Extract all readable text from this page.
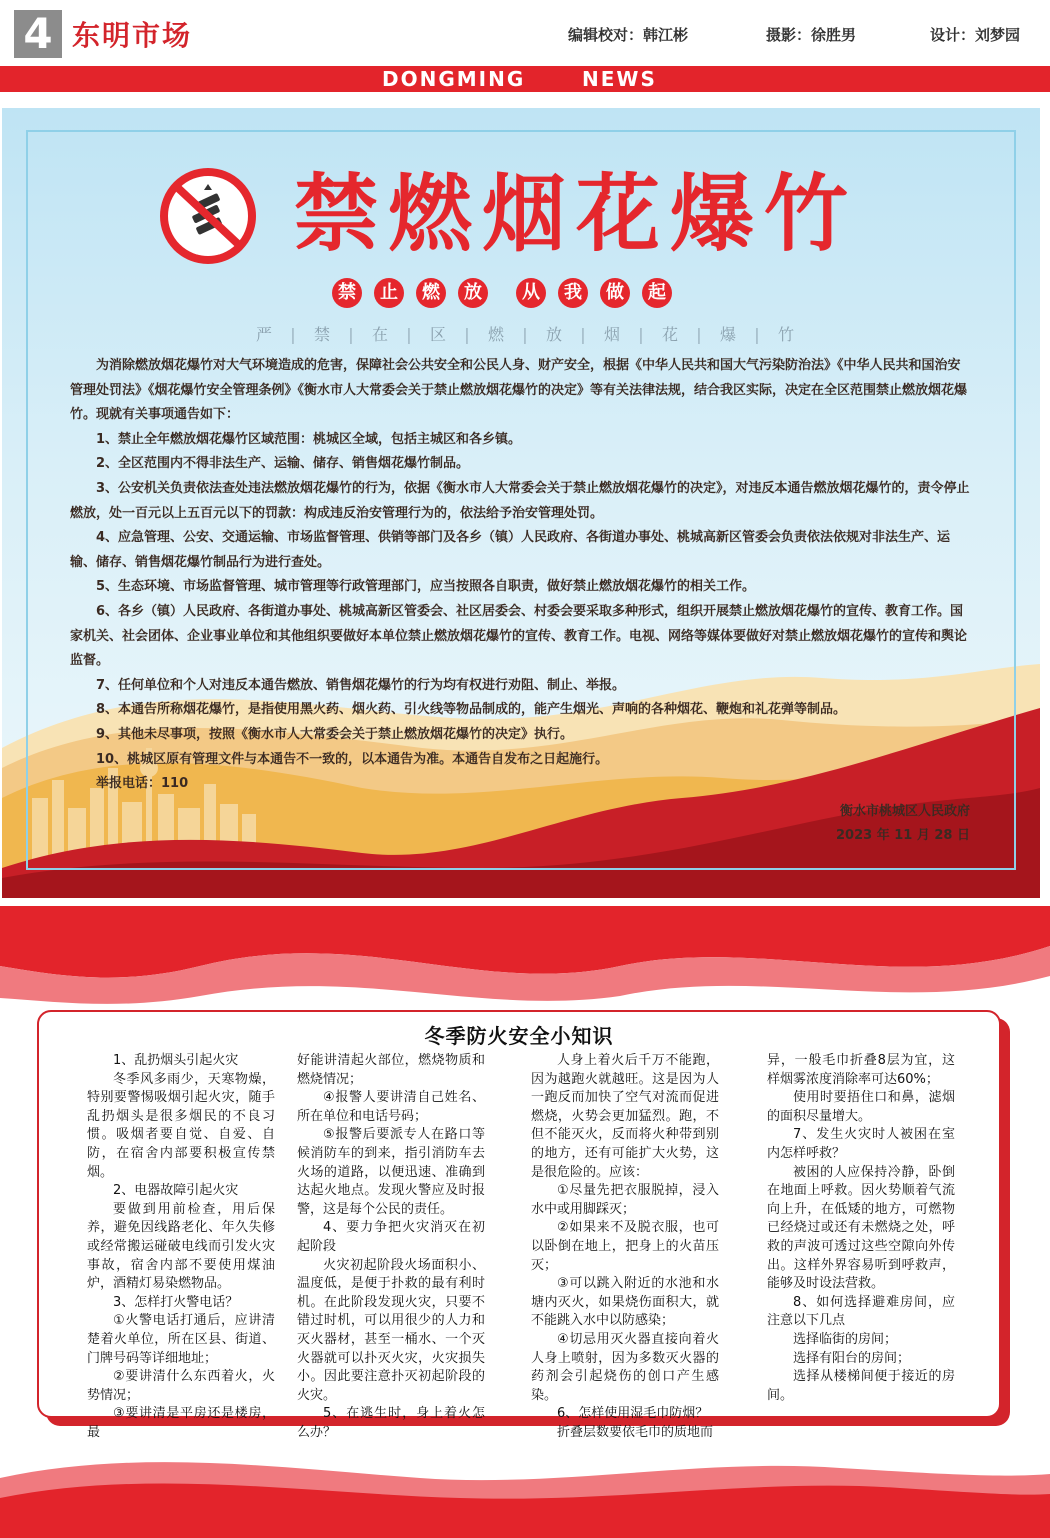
4 东明市场	编辑校对：韩江彬	摄影：徐胜男	设计：刘梦园
DONGMING	NEWS
禁燃烟花爆竹
禁	止	燃	放	从	我	做	起
严 | 禁 | 在 | 区 | 燃 | 放 | 烟 | 花 | 爆 | 竹

为消除燃放烟花爆竹对大气环境造成的危害，保障社会公共安全和公民人身、财产安全，根据《中华人民共和国大气污染防治法》《中华人民共和国治安管理处罚法》《烟花爆竹安全管理条例》《衡水市人大常委会关于禁止燃放烟花爆竹的决定》等有关法律法规，结合我区实际，决定在全区范围禁止燃放烟花爆竹。现就有关事项通告如下：

1、禁止全年燃放烟花爆竹区域范围：桃城区全域，包括主城区和各乡镇。

2、全区范围内不得非法生产、运输、储存、销售烟花爆竹制品。

3、公安机关负责依法查处违法燃放烟花爆竹的行为，依据《衡水市人大常委会关于禁止燃放烟花爆竹的决定》，对违反本通告燃放烟花爆竹的，责令停止燃放，处一百元以上五百元以下的罚款：构成违反治安管理行为的，依法给予治安管理处罚。

4、应急管理、公安、交通运输、市场监督管理、供销等部门及各乡（镇）人民政府、各街道办事处、桃城高新区管委会负责依法依规对非法生产、运输、储存、销售烟花爆竹制品行为进行查处。

5、生态环境、市场监督管理、城市管理等行政管理部门，应当按照各自职责，做好禁止燃放烟花爆竹的相关工作。

6、各乡（镇）人民政府、各街道办事处、桃城高新区管委会、社区居委会、村委会要采取多种形式，组织开展禁止燃放烟花爆竹的宣传、教育工作。国家机关、社会团体、企业事业单位和其他组织要做好本单位禁止燃放烟花爆竹的宣传、教育工作。电视、网络等媒体要做好对禁止燃放烟花爆竹的宣传和舆论监督。

7、任何单位和个人对违反本通告燃放、销售烟花爆竹的行为均有权进行劝阻、制止、举报。

8、本通告所称烟花爆竹，是指使用黑火药、烟火药、引火线等物品制成的，能产生烟光、声响的各种烟花、鞭炮和礼花弹等制品。

9、其他未尽事项，按照《衡水市人大常委会关于禁止燃放烟花爆竹的决定》执行。

10、桃城区原有管理文件与本通告不一致的，以本通告为准。本通告自发布之日起施行。

举报电话：110

衡水市桃城区人民政府
2023 年 11 月 28 日
冬季防火安全小知识

1、乱扔烟头引起火灾

冬季风多雨少，天寒物燥，特别要警惕吸烟引起火灾，随手乱扔烟头是很多烟民的不良习惯。吸烟者要自觉、自爱、自防，在宿舍内部要积极宣传禁烟。

2、电器故障引起火灾

要做到用前检查，用后保养，避免因线路老化、年久失修或经常搬运碰破电线而引发火灾事故，宿舍内部不要使用煤油炉，酒精灯易染燃物品。

3、怎样打火警电话？

①火警电话打通后，应讲清楚着火单位，所在区县、街道、门牌号码等详细地址；

②要讲清什么东西着火，火势情况；

③要讲清是平房还是楼房，最

好能讲清起火部位，燃烧物质和燃烧情况；

④报警人要讲清自己姓名、所在单位和电话号码；

⑤报警后要派专人在路口等候消防车的到来，指引消防车去火场的道路，以便迅速、准确到达起火地点。发现火警应及时报警，这是每个公民的责任。

4、要力争把火灾消灭在初起阶段

火灾初起阶段火场面积小、温度低，是便于扑救的最有利时机。在此阶段发现火灾，只要不错过时机，可以用很少的人力和灭火器材，甚至一桶水、一个灭火器就可以扑灭火灾，火灾损失小。因此要注意扑灭初起阶段的火灾。

5、在逃生时，身上着火怎么办？

人身上着火后千万不能跑，因为越跑火就越旺。这是因为人一跑反而加快了空气对流而促进燃烧，火势会更加猛烈。跑，不但不能灭火，反而将火种带到别的地方，还有可能扩大火势，这是很危险的。应该：

①尽量先把衣服脱掉，浸入水中或用脚踩灭；

②如果来不及脱衣服，也可以卧倒在地上，把身上的火苗压灭；

③可以跳入附近的水池和水塘内灭火，如果烧伤面积大，就不能跳入水中以防感染；

④切忌用灭火器直接向着火人身上喷射，因为多数灭火器的药剂会引起烧伤的创口产生感染。

6、怎样使用湿毛巾防烟？

折叠层数要依毛巾的质地而

异，一般毛巾折叠8层为宜，这样烟雾浓度消除率可达60%；

使用时要捂住口和鼻，滤烟的面积尽量增大。

7、发生火灾时人被困在室内怎样呼救？

被困的人应保持冷静，卧倒在地面上呼救。因火势顺着气流向上升，在低矮的地方，可燃物已经烧过或还有未燃烧之处，呼救的声波可透过这些空隙向外传出。这样外界容易听到呼救声，能够及时设法营救。

8、如何选择避难房间，应注意以下几点

选择临街的房间；

选择有阳台的房间；

选择从楼梯间便于接近的房间。
